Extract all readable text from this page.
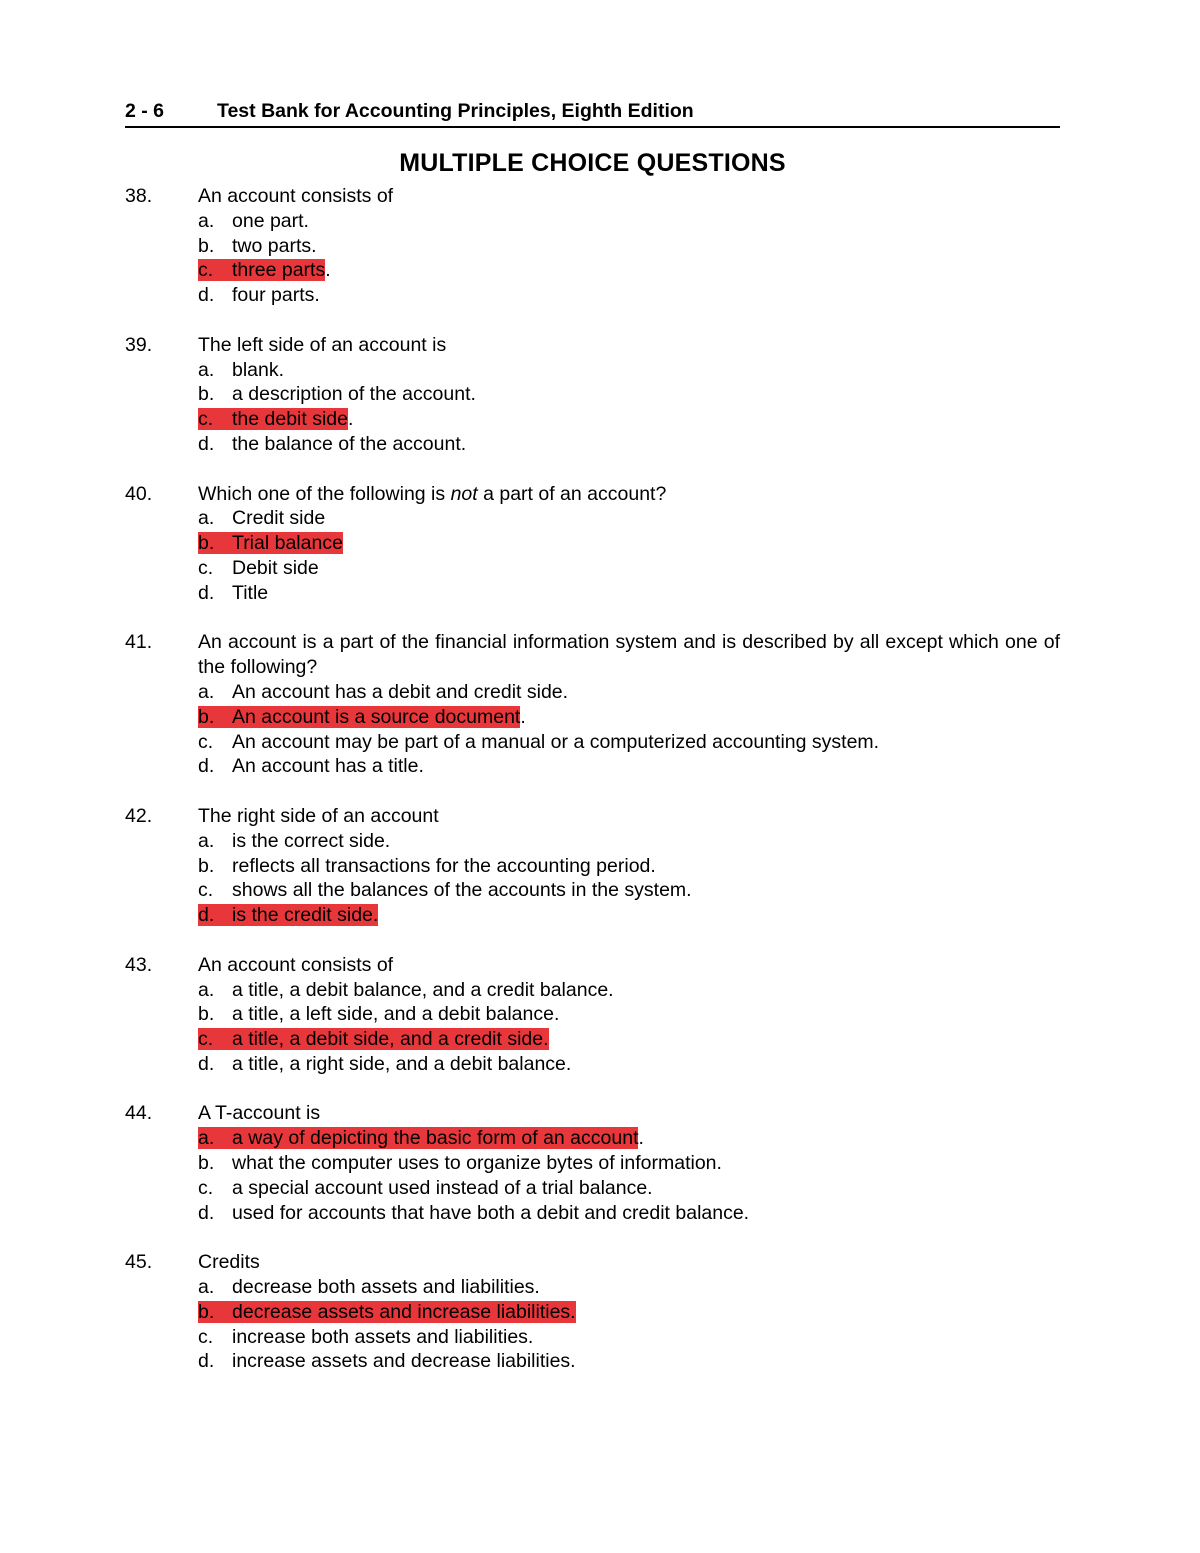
2 - 6	Test Bank for Accounting Principles, Eighth Edition
MULTIPLE CHOICE QUESTIONS
38.	An account consists of
a. one part.
b. two parts.
c. three parts.
d. four parts.
39.	The left side of an account is
a. blank.
b. a description of the account.
c. the debit side.
d. the balance of the account.
40.	Which one of the following is not a part of an account?
a. Credit side
b. Trial balance
c. Debit side
d. Title
41.	An account is a part of the financial information system and is described by all except which one of the following?
a. An account has a debit and credit side.
b. An account is a source document.
c. An account may be part of a manual or a computerized accounting system.
d. An account has a title.
42.	The right side of an account
a. is the correct side.
b. reflects all transactions for the accounting period.
c. shows all the balances of the accounts in the system.
d. is the credit side.
43.	An account consists of
a. a title, a debit balance, and a credit balance.
b. a title, a left side, and a debit balance.
c. a title, a debit side, and a credit side.
d. a title, a right side, and a debit balance.
44.	A T-account is
a. a way of depicting the basic form of an account.
b. what the computer uses to organize bytes of information.
c. a special account used instead of a trial balance.
d. used for accounts that have both a debit and credit balance.
45.	Credits
a. decrease both assets and liabilities.
b. decrease assets and increase liabilities.
c. increase both assets and liabilities.
d. increase assets and decrease liabilities.
